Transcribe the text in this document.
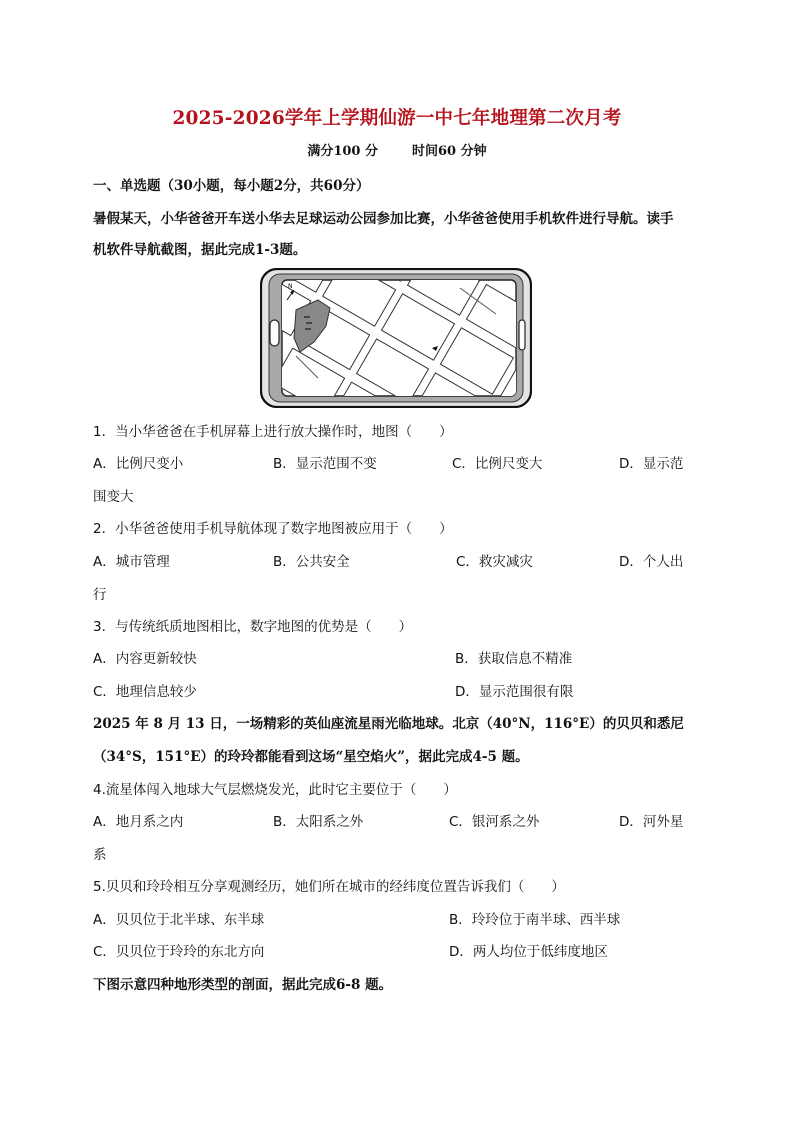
2025-2026学年上学期仙游一中七年地理第二次月考
满分100 分	时间60 分钟
一、单选题（30小题，每小题2分，共60分）
暑假某天，小华爸爸开车送小华去足球运动公园参加比赛，小华爸爸使用手机软件进行导航。读手
机软件导航截图，据此完成1-3题。
N
1．当小华爸爸在手机屏幕上进行放大操作时，地图（　　）
A．比例尺变小	B．显示范围不变	C．比例尺变大	D．显示范
围变大
2．小华爸爸使用手机导航体现了数字地图被应用于（　　）
A．城市管理	B．公共安全	C．救灾减灾	D．个人出
行
3．与传统纸质地图相比，数字地图的优势是（　　）
A．内容更新较快	B．获取信息不精准
C．地理信息较少	D．显示范围很有限
2025 年 8 月 13 日，一场精彩的英仙座流星雨光临地球。北京（40°N，116°E）的贝贝和悉尼
（34°S，151°E）的玲玲都能看到这场“星空焰火”，据此完成4-5 题。
4.流星体闯入地球大气层燃烧发光，此时它主要位于（　　）
A．地月系之内	B．太阳系之外	C．银河系之外	D．河外星
系
5.贝贝和玲玲相互分享观测经历，她们所在城市的经纬度位置告诉我们（　　）
A．贝贝位于北半球、东半球	B．玲玲位于南半球、西半球
C．贝贝位于玲玲的东北方向	D．两人均位于低纬度地区
下图示意四种地形类型的剖面，据此完成6-8 题。
